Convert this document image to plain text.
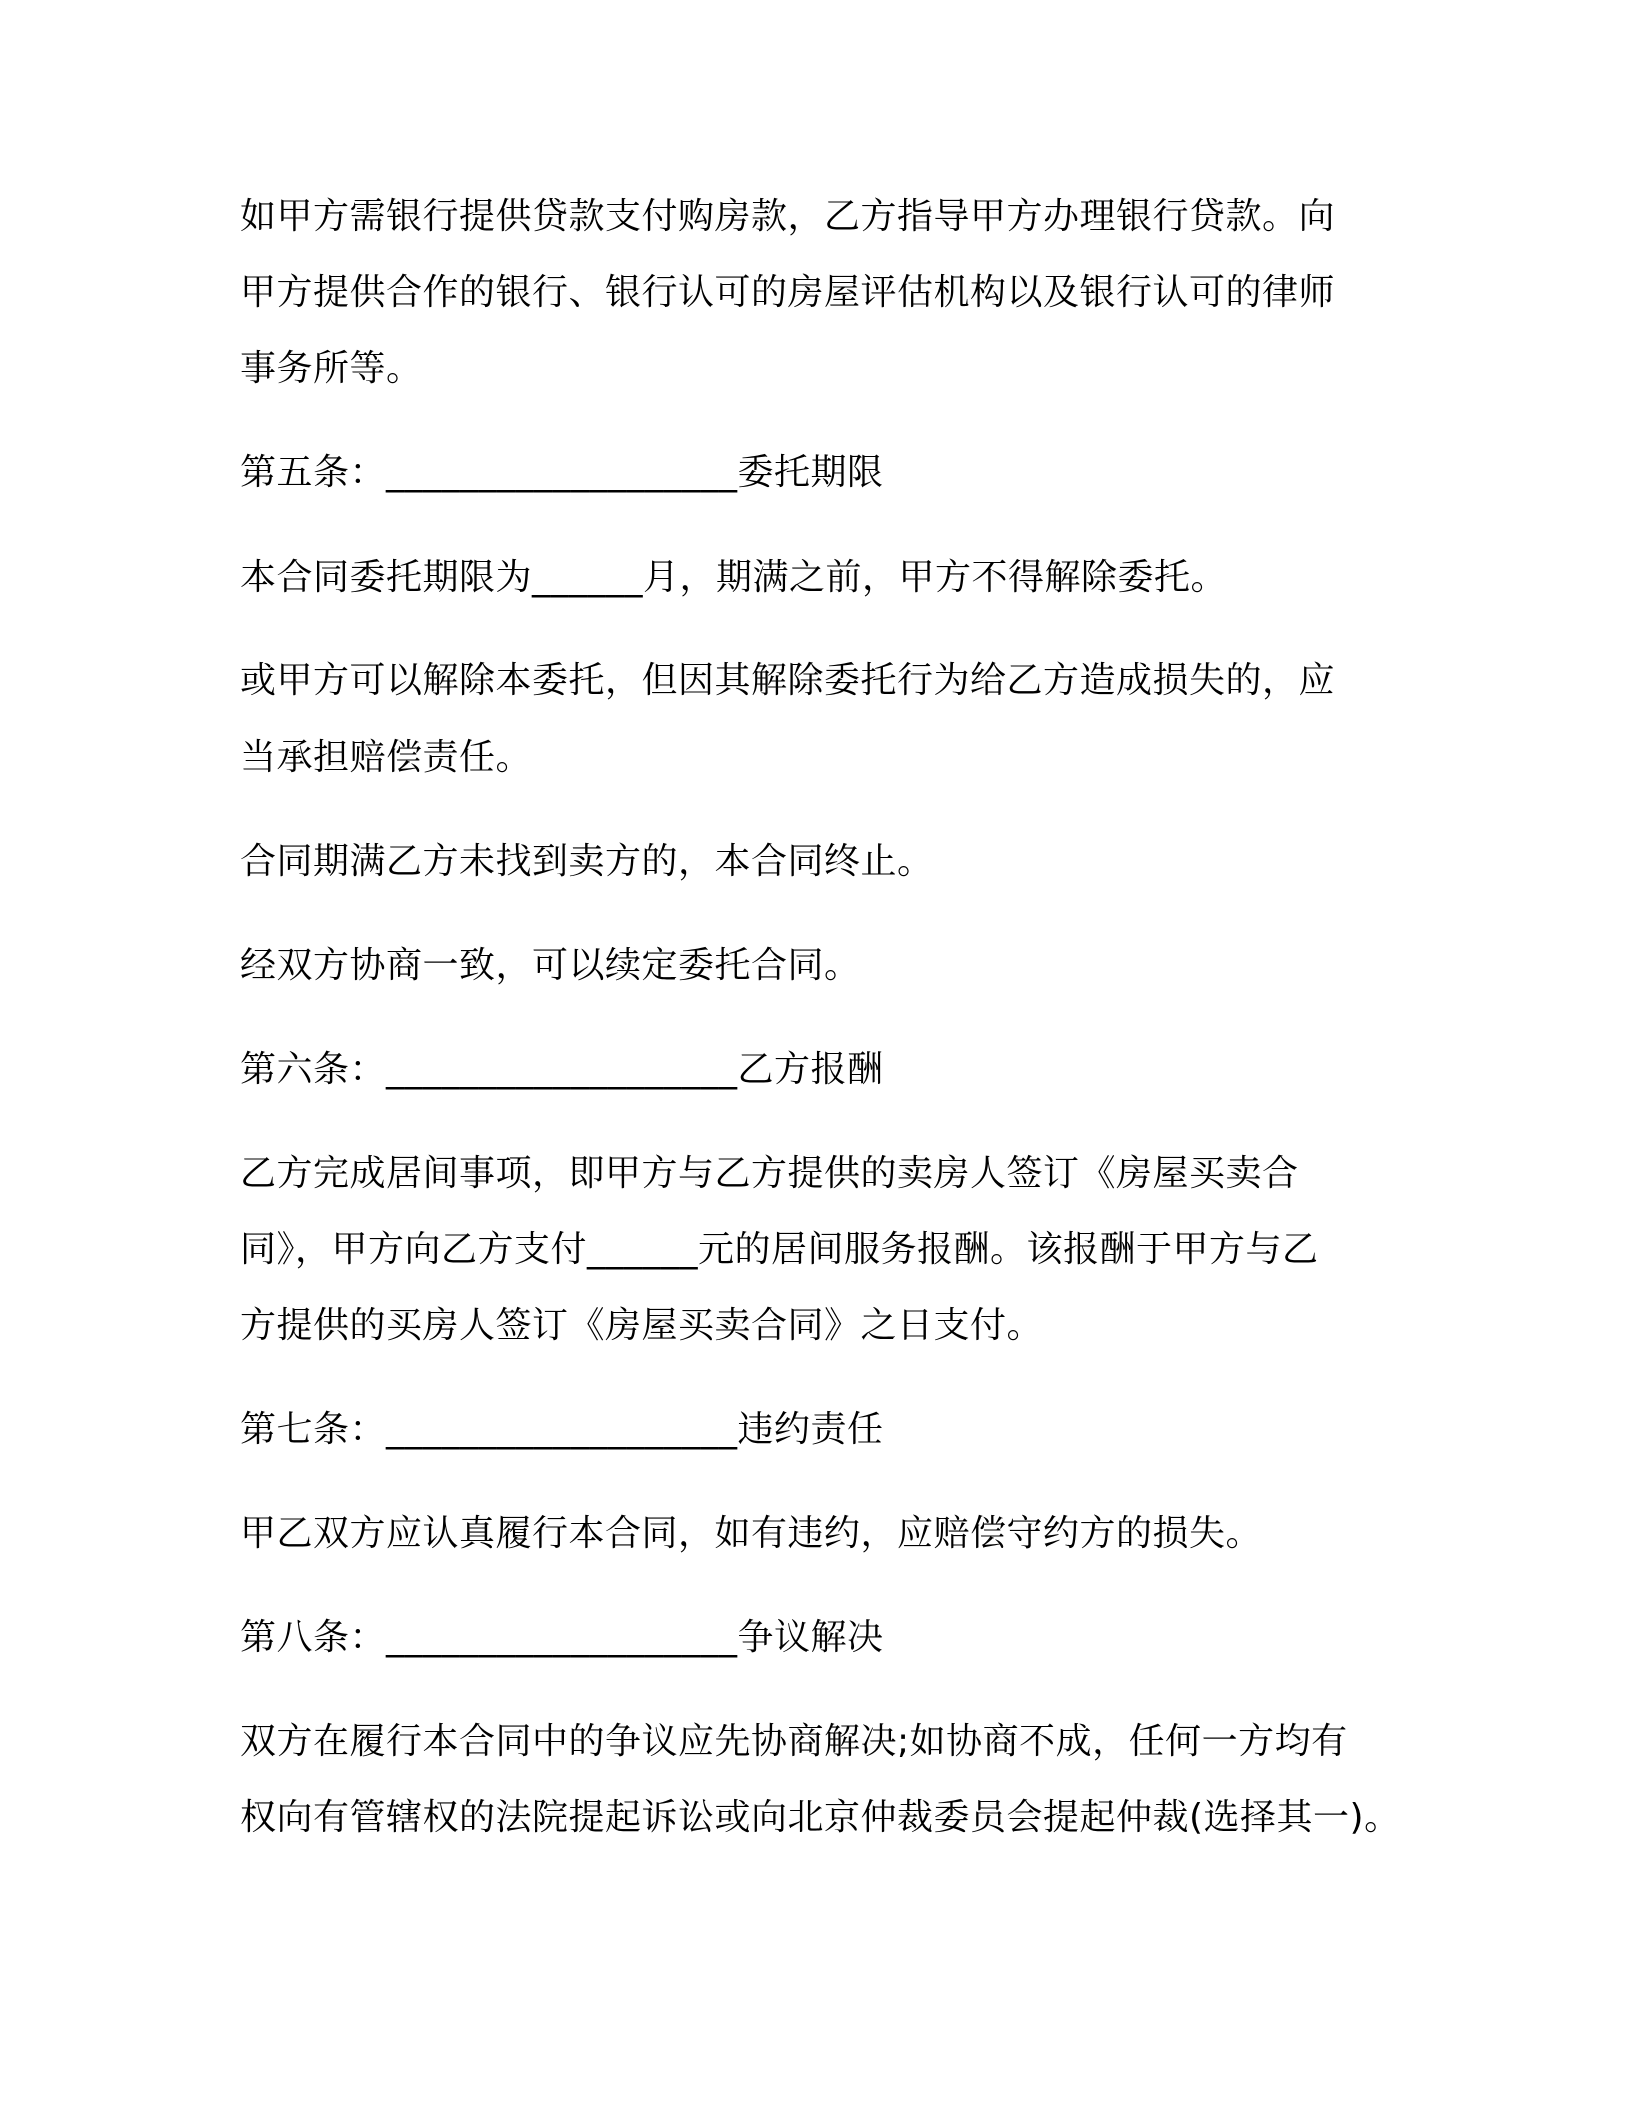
如甲方需银行提供贷款支付购房款，乙方指导甲方办理银行贷款。向

甲方提供合作的银行、银行认可的房屋评估机构以及银行认可的律师

事务所等。

第五条：___________________委托期限

本合同委托期限为______月，期满之前，甲方不得解除委托。

或甲方可以解除本委托，但因其解除委托行为给乙方造成损失的，应

当承担赔偿责任。

合同期满乙方未找到卖方的，本合同终止。

经双方协商一致，可以续定委托合同。

第六条：___________________乙方报酬

乙方完成居间事项，即甲方与乙方提供的卖房人签订《房屋买卖合

同》，甲方向乙方支付______元的居间服务报酬。该报酬于甲方与乙

方提供的买房人签订《房屋买卖合同》之日支付。

第七条：___________________违约责任

甲乙双方应认真履行本合同，如有违约，应赔偿守约方的损失。

第八条：___________________争议解决

双方在履行本合同中的争议应先协商解决;如协商不成，任何一方均有

权向有管辖权的法院提起诉讼或向北京仲裁委员会提起仲裁(选择其一)。
